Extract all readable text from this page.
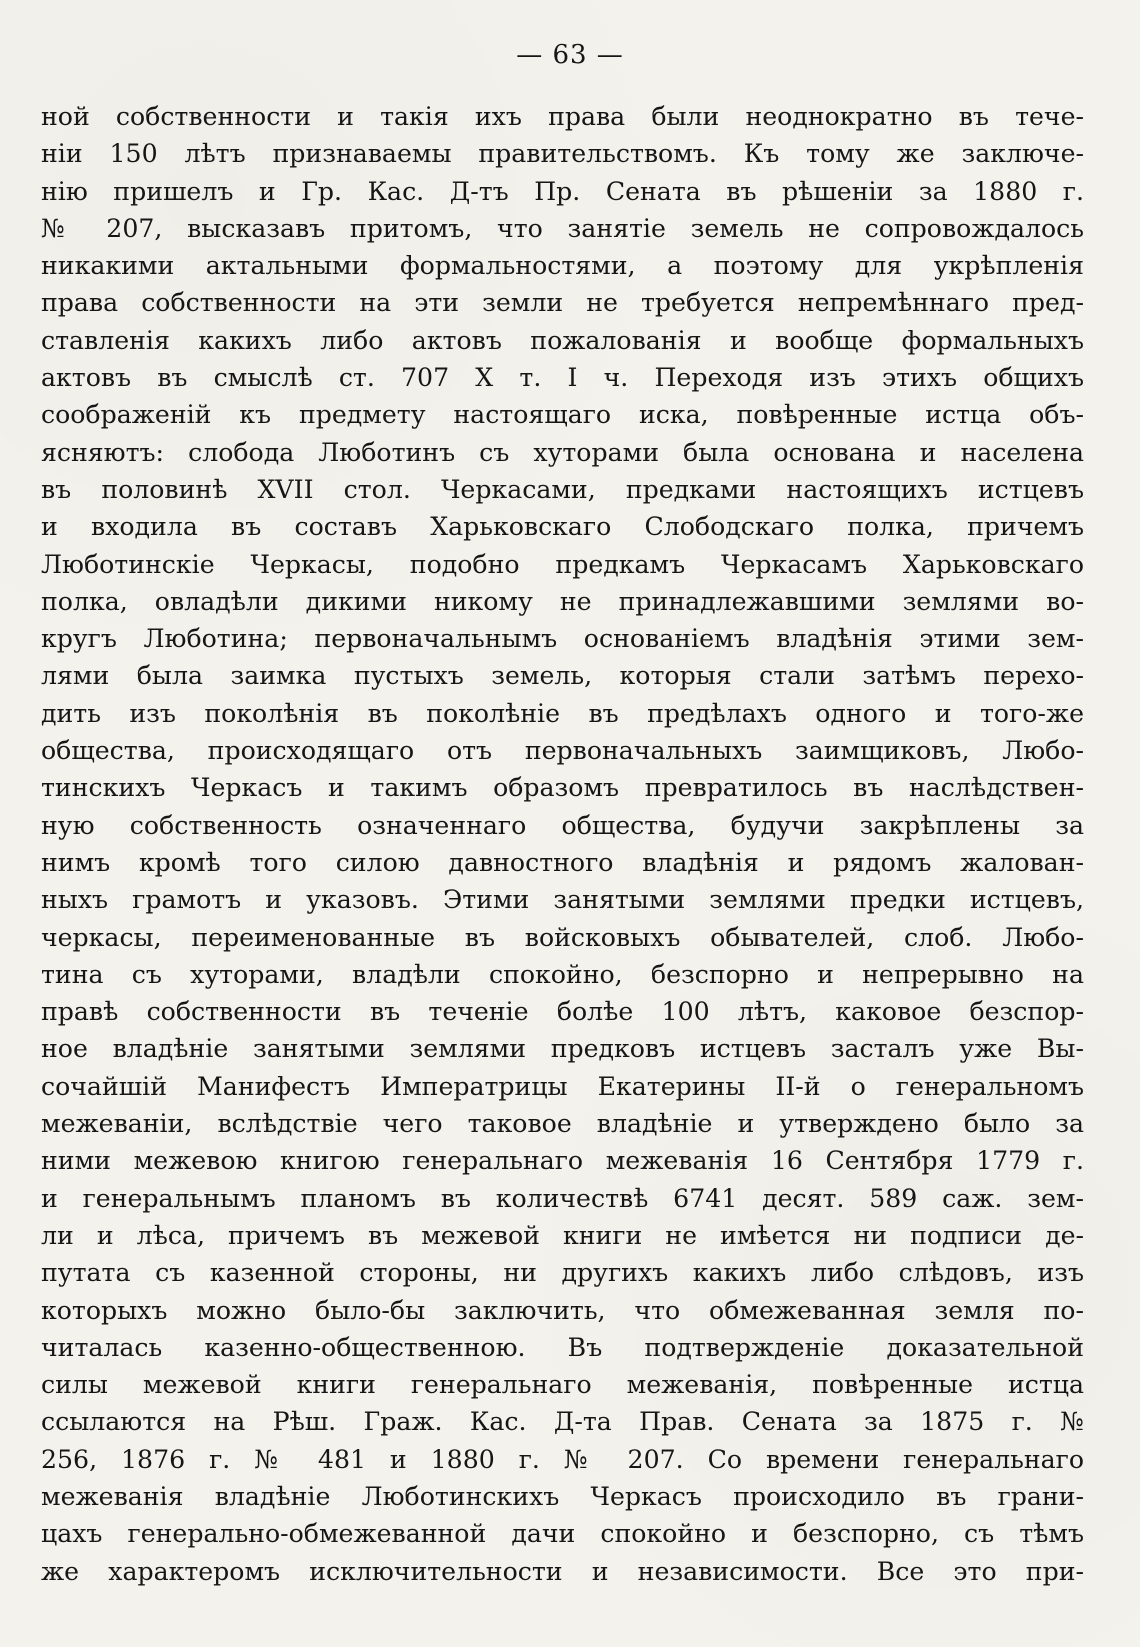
— 63 —
ной собственности и такія ихъ права были неоднократно въ тече-
ніи 150 лѣтъ признаваемы правительствомъ. Къ тому же заключе-
нію пришелъ и Гр. Кас. Д-тъ Пр. Сената въ рѣшеніи за 1880 г.
№ 207, высказавъ притомъ, что занятіе земель не сопровождалось
никакими актальными формальностями, а поэтому для укрѣпленія
права собственности на эти земли не требуется непремѣннаго пред-
ставленія какихъ либо актовъ пожалованія и вообще формальныхъ
актовъ въ смыслѣ ст. 707 X т. I ч. Переходя изъ этихъ общихъ
соображеній къ предмету настоящаго иска, повѣренные истца объ-
ясняютъ: слобода Люботинъ съ хуторами была основана и населена
въ половинѣ XVII стол. Черкасами, предками настоящихъ истцевъ
и входила въ составъ Харьковскаго Слободскаго полка, причемъ
Люботинскіе Черкасы, подобно предкамъ Черкасамъ Харьковскаго
полка, овладѣли дикими никому не принадлежавшими землями во-
кругъ Люботина; первоначальнымъ основаніемъ владѣнія этими зем-
лями была заимка пустыхъ земель, которыя стали затѣмъ перехо-
дить изъ поколѣнія въ поколѣніе въ предѣлахъ одного и того-же
общества, происходящаго отъ первоначальныхъ заимщиковъ, Любо-
тинскихъ Черкасъ и такимъ образомъ превратилось въ наслѣдствен-
ную собственность означеннаго общества, будучи закрѣплены за
нимъ кромѣ того силою давностного владѣнія и рядомъ жалован-
ныхъ грамотъ и указовъ. Этими занятыми землями предки истцевъ,
черкасы, переименованные въ войсковыхъ обывателей, слоб. Любо-
тина съ хуторами, владѣли спокойно, безспорно и непрерывно на
правѣ собственности въ теченіе болѣе 100 лѣтъ, каковое безспор-
ное владѣніе занятыми землями предковъ истцевъ засталъ уже Вы-
сочайшій Манифестъ Императрицы Екатерины II-й о генеральномъ
межеваніи, вслѣдствіе чего таковое владѣніе и утверждено было за
ними межевою книгою генеральнаго межеванія 16 Сентября 1779 г.
и генеральнымъ планомъ въ количествѣ 6741 десят. 589 саж. зем-
ли и лѣса, причемъ въ межевой книги не имѣется ни подписи де-
путата съ казенной стороны, ни другихъ какихъ либо слѣдовъ, изъ
которыхъ можно было-бы заключить, что обмежеванная земля по-
читалась казенно-общественною. Въ подтвержденіе доказательной
силы межевой книги генеральнаго межеванія, повѣренные истца
ссылаются на Рѣш. Граж. Кас. Д-та Прав. Сената за 1875 г. №
256, 1876 г. № 481 и 1880 г. № 207. Со времени генеральнаго
межеванія владѣніе Люботинскихъ Черкасъ происходило въ грани-
цахъ генерально-обмежеванной дачи спокойно и безспорно, съ тѣмъ
же характеромъ исключительности и независимости. Все это при-
